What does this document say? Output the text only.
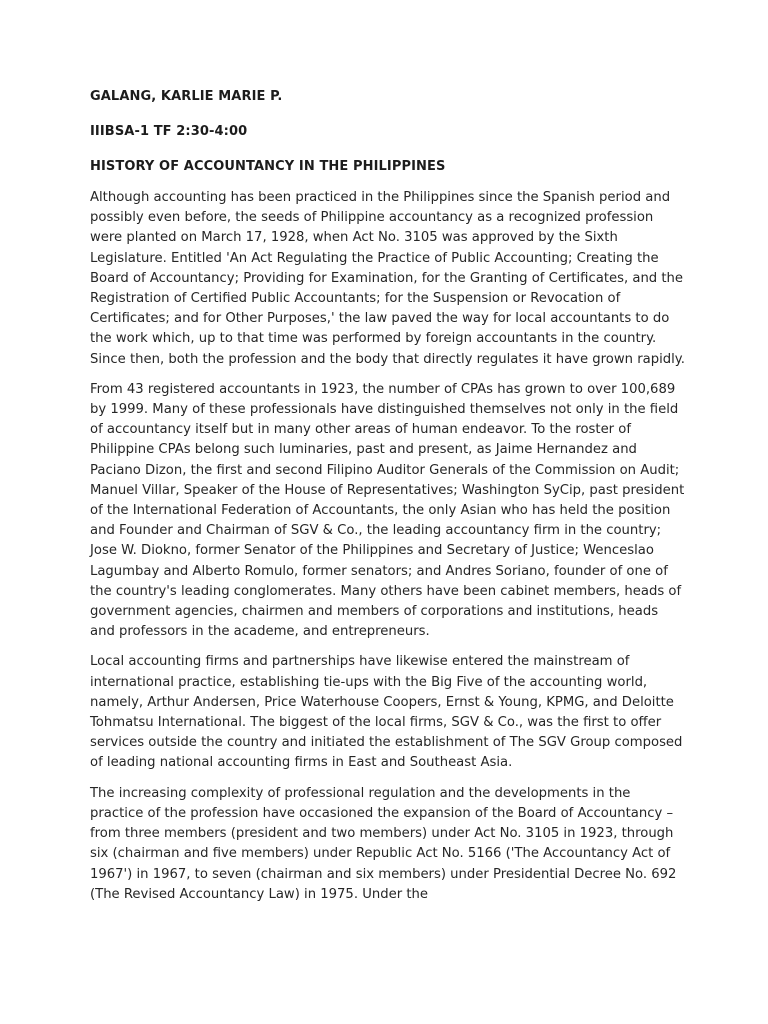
GALANG, KARLIE MARIE P.

IIIBSA-1 TF 2:30-4:00

HISTORY OF ACCOUNTANCY IN THE PHILIPPINES

Although accounting has been practiced in the Philippines since the Spanish period and possibly even before, the seeds of Philippine accountancy as a recognized profession were planted on March 17, 1928, when Act No. 3105 was approved by the Sixth Legislature. Entitled 'An Act Regulating the Practice of Public Accounting; Creating the Board of Accountancy; Providing for Examination, for the Granting of Certificates, and the Registration of Certified Public Accountants; for the Suspension or Revocation of Certificates; and for Other Purposes,' the law paved the way for local accountants to do the work which, up to that time was performed by foreign accountants in the country. Since then, both the profession and the body that directly regulates it have grown rapidly.

From 43 registered accountants in 1923, the number of CPAs has grown to over 100,689 by 1999. Many of these professionals have distinguished themselves not only in the field of accountancy itself but in many other areas of human endeavor. To the roster of Philippine CPAs belong such luminaries, past and present, as Jaime Hernandez and Paciano Dizon, the first and second Filipino Auditor Generals of the Commission on Audit; Manuel Villar, Speaker of the House of Representatives; Washington SyCip, past president of the International Federation of Accountants, the only Asian who has held the position and Founder and Chairman of SGV & Co., the leading accountancy firm in the country; Jose W. Diokno, former Senator of the Philippines and Secretary of Justice; Wenceslao Lagumbay and Alberto Romulo, former senators; and Andres Soriano, founder of one of the country's leading conglomerates. Many others have been cabinet members, heads of government agencies, chairmen and members of corporations and institutions, heads and professors in the academe, and entrepreneurs.

Local accounting firms and partnerships have likewise entered the mainstream of international practice, establishing tie-ups with the Big Five of the accounting world, namely, Arthur Andersen, Price Waterhouse Coopers, Ernst & Young, KPMG, and Deloitte Tohmatsu International. The biggest of the local firms, SGV & Co., was the first to offer services outside the country and initiated the establishment of The SGV Group composed of leading national accounting firms in East and Southeast Asia.

The increasing complexity of professional regulation and the developments in the practice of the profession have occasioned the expansion of the Board of Accountancy – from three members (president and two members) under Act No. 3105 in 1923, through six (chairman and five members) under Republic Act No. 5166 ('The Accountancy Act of 1967') in 1967, to seven (chairman and six members) under Presidential Decree No. 692 (The Revised Accountancy Law) in 1975. Under the
